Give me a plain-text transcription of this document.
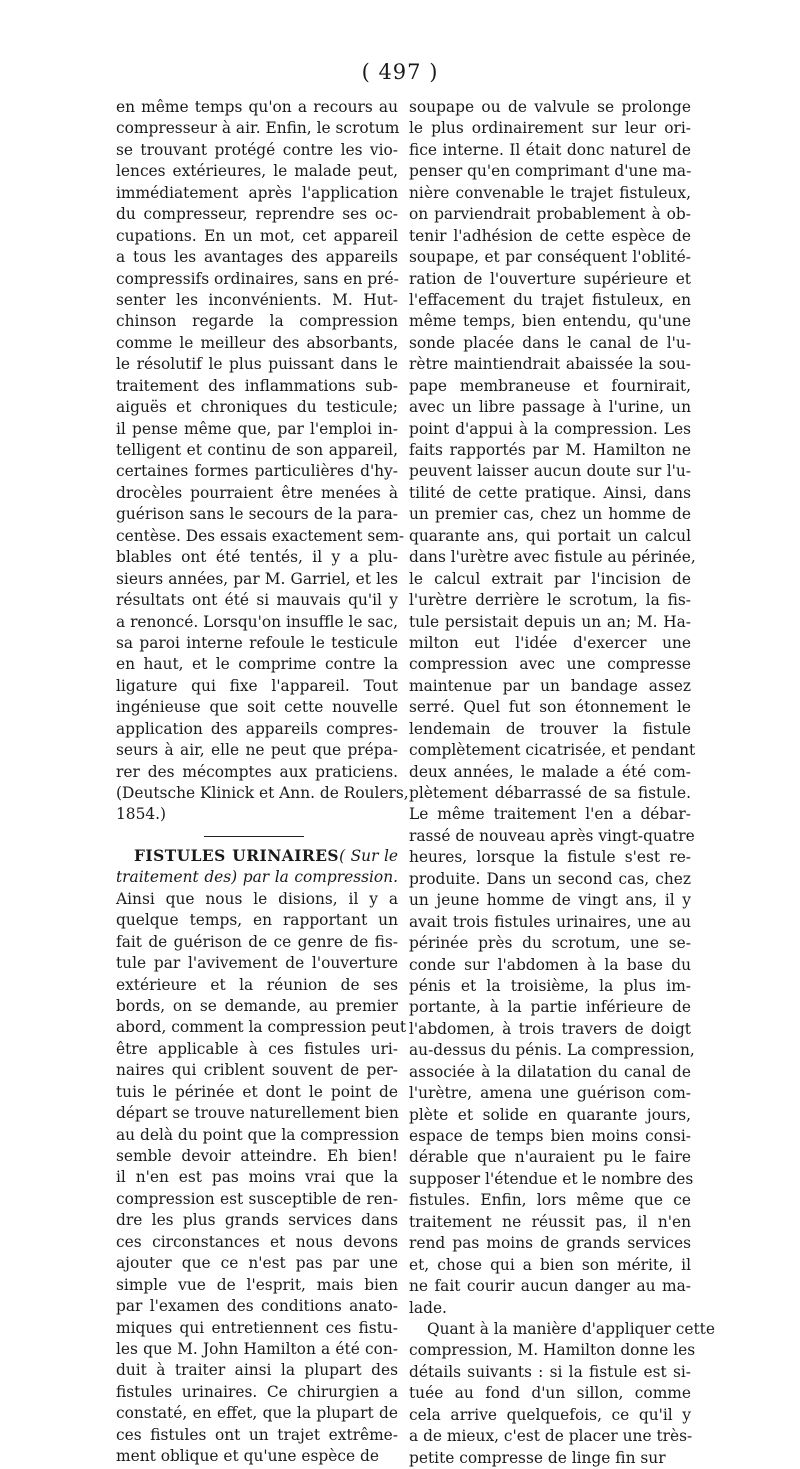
( 497 )
en même temps qu'on a recours au
compresseur à air. Enfin, le scrotum
se trouvant protégé contre les vio-
lences extérieures, le malade peut,
immédiatement après l'application
du compresseur, reprendre ses oc-
cupations. En un mot, cet appareil
a tous les avantages des appareils
compressifs ordinaires, sans en pré-
senter les inconvénients. M. Hut-
chinson regarde la compression
comme le meilleur des absorbants,
le résolutif le plus puissant dans le
traitement des inflammations sub-
aiguës et chroniques du testicule;
il pense même que, par l'emploi in-
telligent et continu de son appareil,
certaines formes particulières d'hy-
drocèles pourraient être menées à
guérison sans le secours de la para-
centèse. Des essais exactement sem-
blables ont été tentés, il y a plu-
sieurs années, par M. Garriel, et les
résultats ont été si mauvais qu'il y
a renoncé. Lorsqu'on insuffle le sac,
sa paroi interne refoule le testicule
en haut, et le comprime contre la
ligature qui fixe l'appareil. Tout
ingénieuse que soit cette nouvelle
application des appareils compres-
seurs à air, elle ne peut que prépa-
rer des mécomptes aux praticiens.
(Deutsche Klinick et Ann. de Roulers,
1854.)
FISTULES URINAIRES( Sur le
traitement des) par la compression.
Ainsi que nous le disions, il y a
quelque temps, en rapportant un
fait de guérison de ce genre de fis-
tule par l'avivement de l'ouverture
extérieure et la réunion de ses
bords, on se demande, au premier
abord, comment la compression peut
être applicable à ces fistules uri-
naires qui criblent souvent de per-
tuis le périnée et dont le point de
départ se trouve naturellement bien
au delà du point que la compression
semble devoir atteindre. Eh bien!
il n'en est pas moins vrai que la
compression est susceptible de ren-
dre les plus grands services dans
ces circonstances et nous devons
ajouter que ce n'est pas par une
simple vue de l'esprit, mais bien
par l'examen des conditions anato-
miques qui entretiennent ces fistu-
les que M. John Hamilton a été con-
duit à traiter ainsi la plupart des
fistules urinaires. Ce chirurgien a
constaté, en effet, que la plupart de
ces fistules ont un trajet extrême-
ment oblique et qu'une espèce de
soupape ou de valvule se prolonge
le plus ordinairement sur leur ori-
fice interne. Il était donc naturel de
penser qu'en comprimant d'une ma-
nière convenable le trajet fistuleux,
on parviendrait probablement à ob-
tenir l'adhésion de cette espèce de
soupape, et par conséquent l'oblité-
ration de l'ouverture supérieure et
l'effacement du trajet fistuleux, en
même temps, bien entendu, qu'une
sonde placée dans le canal de l'u-
rètre maintiendrait abaissée la sou-
pape membraneuse et fournirait,
avec un libre passage à l'urine, un
point d'appui à la compression. Les
faits rapportés par M. Hamilton ne
peuvent laisser aucun doute sur l'u-
tilité de cette pratique. Ainsi, dans
un premier cas, chez un homme de
quarante ans, qui portait un calcul
dans l'urètre avec fistule au périnée,
le calcul extrait par l'incision de
l'urètre derrière le scrotum, la fis-
tule persistait depuis un an; M. Ha-
milton eut l'idée d'exercer une
compression avec une compresse
maintenue par un bandage assez
serré. Quel fut son étonnement le
lendemain de trouver la fistule
complètement cicatrisée, et pendant
deux années, le malade a été com-
plètement débarrassé de sa fistule.
Le même traitement l'en a débar-
rassé de nouveau après vingt-quatre
heures, lorsque la fistule s'est re-
produite. Dans un second cas, chez
un jeune homme de vingt ans, il y
avait trois fistules urinaires, une au
périnée près du scrotum, une se-
conde sur l'abdomen à la base du
pénis et la troisième, la plus im-
portante, à la partie inférieure de
l'abdomen, à trois travers de doigt
au-dessus du pénis. La compression,
associée à la dilatation du canal de
l'urètre, amena une guérison com-
plète et solide en quarante jours,
espace de temps bien moins consi-
dérable que n'auraient pu le faire
supposer l'étendue et le nombre des
fistules. Enfin, lors même que ce
traitement ne réussit pas, il n'en
rend pas moins de grands services
et, chose qui a bien son mérite, il
ne fait courir aucun danger au ma-
lade.
Quant à la manière d'appliquer cette
compression, M. Hamilton donne les
détails suivants : si la fistule est si-
tuée au fond d'un sillon, comme
cela arrive quelquefois, ce qu'il y
a de mieux, c'est de placer une très-
petite compresse de linge fin sur
